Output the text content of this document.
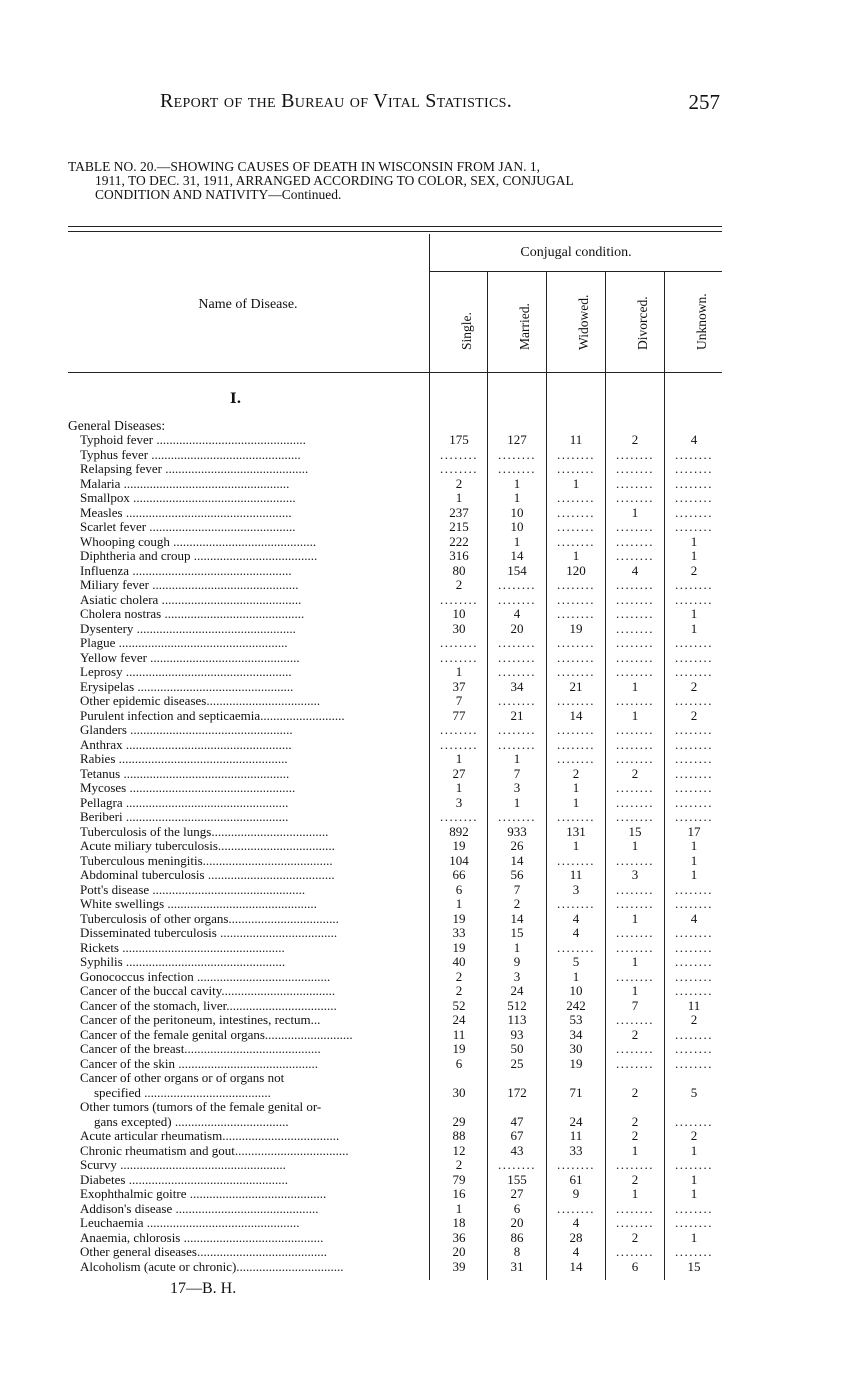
Report of the Bureau of Vital Statistics.	257
TABLE NO. 20.—SHOWING CAUSES OF DEATH IN WISCONSIN FROM JAN. 1,
1911, TO DEC. 31, 1911, ARRANGED ACCORDING TO COLOR, SEX, CONJUGAL
CONDITION AND NATIVITY—Continued.
Name of Disease.
Conjugal condition.
Single.	Married.	Widowed.	Divorced.	Unknown.
I.
General Diseases:
Typhoid fever ..............................................	175	127	11	2	4
Typhus fever ..............................................	........	........	........	........	........
Relapsing fever ............................................	........	........	........	........	........
Malaria ...................................................	2	1	1	........	........
Smallpox ..................................................	1	1	........	........	........
Measles ...................................................	237	10	........	1	........
Scarlet fever .............................................	215	10	........	........	........
Whooping cough ............................................	222	1	........	........	1
Diphtheria and croup ......................................	316	14	1	........	1
Influenza .................................................	80	154	120	4	2
Miliary fever .............................................	2	........	........	........	........
Asiatic cholera ...........................................	........	........	........	........	........
Cholera nostras ...........................................	10	4	........	........	1
Dysentery .................................................	30	20	19	........	1
Plague ....................................................	........	........	........	........	........
Yellow fever ..............................................	........	........	........	........	........
Leprosy ...................................................	1	........	........	........	........
Erysipelas ................................................	37	34	21	1	2
Other epidemic diseases...................................	7	........	........	........	........
Purulent infection and septicaemia..........................	77	21	14	1	2
Glanders ..................................................	........	........	........	........	........
Anthrax ...................................................	........	........	........	........	........
Rabies ....................................................	1	1	........	........	........
Tetanus ...................................................	27	7	2	2	........
Mycoses ...................................................	1	3	1	........	........
Pellagra ..................................................	3	1	1	........	........
Beriberi ..................................................	........	........	........	........	........
Tuberculosis of the lungs....................................	892	933	131	15	17
Acute miliary tuberculosis....................................	19	26	1	1	1
Tuberculous meningitis........................................	104	14	........	........	1
Abdominal tuberculosis .......................................	66	56	11	3	1
Pott's disease ...............................................	6	7	3	........	........
White swellings ..............................................	1	2	........	........	........
Tuberculosis of other organs..................................	19	14	4	1	4
Disseminated tuberculosis ....................................	33	15	4	........	........
Rickets ..................................................	19	1	........	........	........
Syphilis .................................................	40	9	5	1	........
Gonococcus infection .........................................	2	3	1	........	........
Cancer of the buccal cavity...................................	2	24	10	1	........
Cancer of the stomach, liver..................................	52	512	242	7	11
Cancer of the peritoneum, intestines, rectum...	24	113	53	........	2
Cancer of the female genital organs...........................	11	93	34	2	........
Cancer of the breast..........................................	19	50	30	........	........
Cancer of the skin ...........................................	6	25	19	........	........
Cancer of other organs or of organs not
specified .......................................	30	172	71	2	5
Other tumors (tumors of the female genital or-
gans excepted) ...................................	29	47	24	2	........
Acute articular rheumatism....................................	88	67	11	2	2
Chronic rheumatism and gout...................................	12	43	33	1	1
Scurvy ...................................................	2	........	........	........	........
Diabetes .................................................	79	155	61	2	1
Exophthalmic goitre ..........................................	16	27	9	1	1
Addison's disease ............................................	1	6	........	........	........
Leuchaemia ...............................................	18	20	4	........	........
Anaemia, chlorosis ...........................................	36	86	28	2	1
Other general diseases........................................	20	8	4	........	........
Alcoholism (acute or chronic).................................	39	31	14	6	15
17—B. H.
